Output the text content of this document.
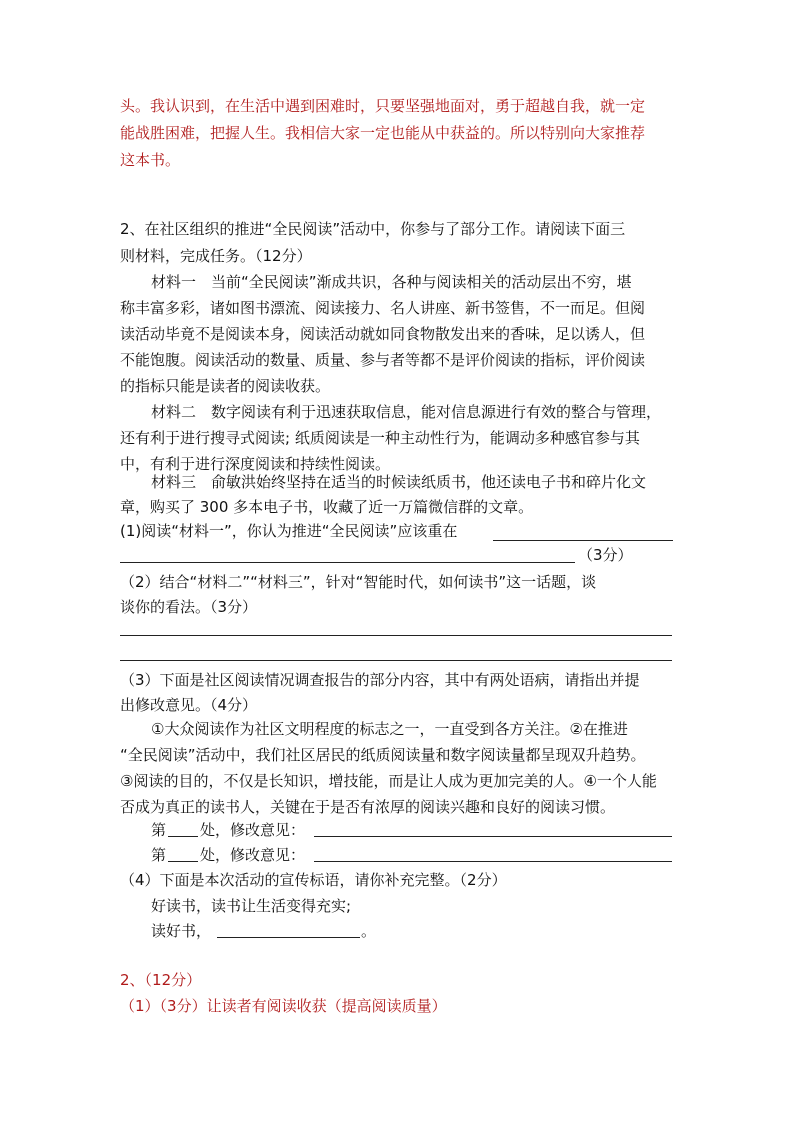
头。我认识到，在生活中遇到困难时，只要坚强地面对，勇于超越自我，就一定
能战胜困难，把握人生。我相信大家一定也能从中获益的。所以特别向大家推荐
这本书。
2、在社区组织的推进“全民阅读”活动中，你参与了部分工作。请阅读下面三
则材料，完成任务。（12分）
材料一　当前“全民阅读”渐成共识，各种与阅读相关的活动层出不穷，堪
称丰富多彩，诸如图书漂流、阅读接力、名人讲座、新书签售，不一而足。但阅
读活动毕竟不是阅读本身，阅读活动就如同食物散发出来的香味，足以诱人，但
不能饱腹。阅读活动的数量、质量、参与者等都不是评价阅读的指标，评价阅读
的指标只能是读者的阅读收获。
材料二　数字阅读有利于迅速获取信息，能对信息源进行有效的整合与管理，
还有利于进行搜寻式阅读; 纸质阅读是一种主动性行为，能调动多种感官参与其
中，有利于进行深度阅读和持续性阅读。
材料三　俞敏洪始终坚持在适当的时候读纸质书，他还读电子书和碎片化文
章，购买了 300 多本电子书，收藏了近一万篇微信群的文章。
(1)阅读“材料一”，你认为推进“全民阅读”应该重在
（3分）
（2）结合“材料二”“材料三”，针对“智能时代，如何读书”这一话题，谈
谈你的看法。（3分）
（3）下面是社区阅读情况调查报告的部分内容，其中有两处语病，请指出并提
出修改意见。（4分）
①大众阅读作为社区文明程度的标志之一，一直受到各方关注。②在推进
“全民阅读”活动中，我们社区居民的纸质阅读量和数字阅读量都呈现双升趋势。
③阅读的目的，不仅是长知识，增技能，而是让人成为更加完美的人。④一个人能
否成为真正的读书人，关键在于是否有浓厚的阅读兴趣和良好的阅读习惯。
第 处，修改意见：
第 处，修改意见：
（4）下面是本次活动的宣传标语，请你补充完整。（2分）
好读书，读书让生活变得充实;
读好书，	。
2、（12分）
（1）（3分）让读者有阅读收获（提高阅读质量）
